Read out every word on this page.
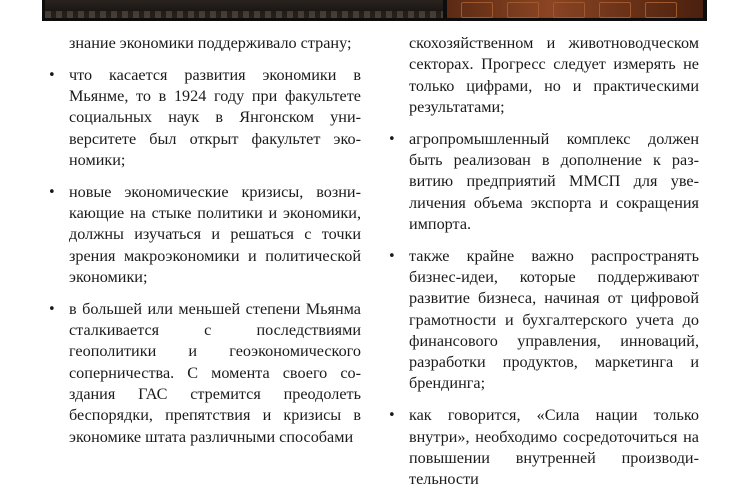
знание экономики поддерживало страну;

• что касается развития экономики в Мьянме, то в 1924 году при факультете социальных наук в Янгонском университете был открыт факультет экономики;
• новые экономические кризисы, возникающие на стыке политики и экономики, должны изучаться и решаться с точки зрения макроэкономики и политической экономики;
• в большей или меньшей степени Мьянма сталкивается с последствиями геополитики и геоэкономического соперничества. С момента своего создания ГАС стремится преодолеть беспорядки, препятствия и кризисы в экономике штата различными способами

скохозяйственном и животноводческом секторах. Прогресс следует измерять не только цифрами, но и практическими результатами;

• агропромышленный комплекс должен быть реализован в дополнение к развитию предприятий ММСП для увеличения объема экспорта и сокращения импорта.
• также крайне важно распространять бизнес-идеи, которые поддерживают развитие бизнеса, начиная от цифровой грамотности и бухгалтерского учета до финансового управления, инноваций, разработки продуктов, маркетинга и брендинга;
• как говорится, «Сила нации только внутри», необходимо сосредоточиться на повышении внутренней производительности
